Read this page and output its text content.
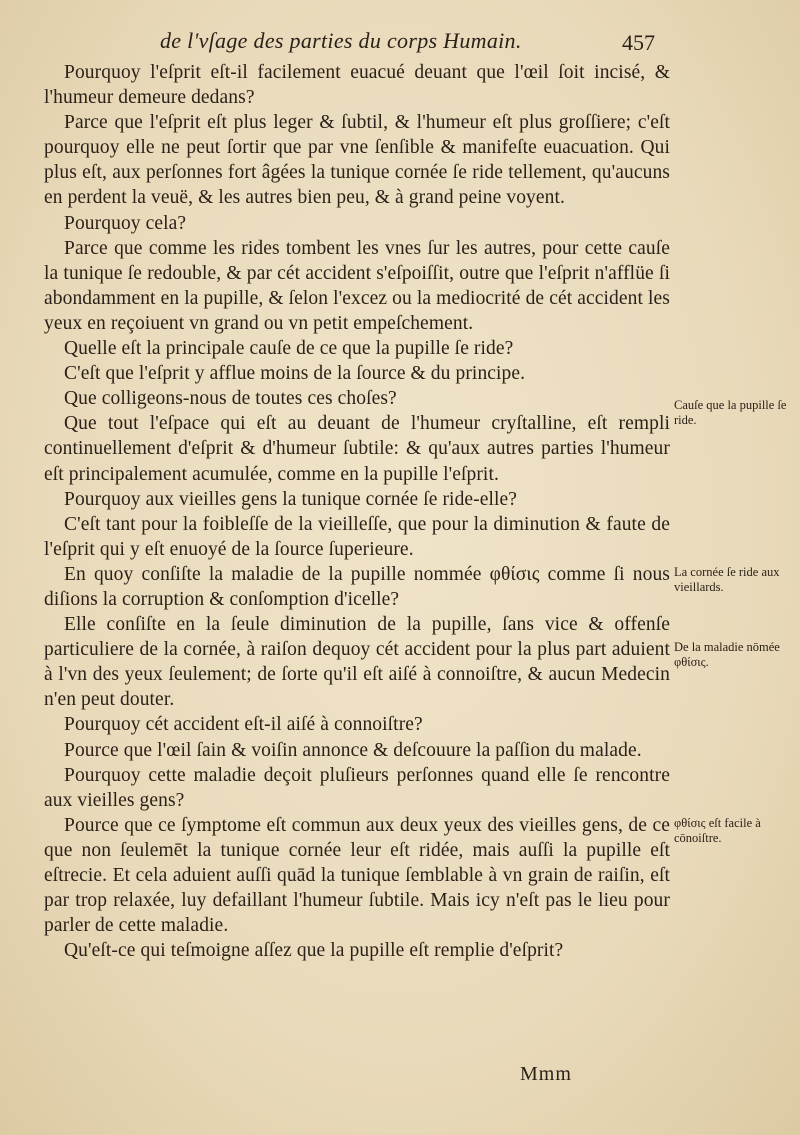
de l'vſage des parties du corps Humain.	457

Pourquoy l'eſprit eſt-il facilement euacué deuant que l'œil ſoit incisé, & l'humeur demeure dedans?

Parce que l'eſprit eſt plus leger & ſubtil, & l'humeur eſt plus groſſiere; c'eſt pourquoy elle ne peut ſortir que par vne ſenſible & manifeſte euacuation. Qui plus eſt, aux perſonnes fort âgées la tunique cornée ſe ride tellement, qu'aucuns en perdent la veuë, & les autres bien peu, & à grand peine voyent.

Pourquoy cela?

Parce que comme les rides tombent les vnes ſur les autres, pour cette cauſe la tunique ſe redouble, & par cét accident s'eſpoiſſit, outre que l'eſprit n'afflüe ſi abondamment en la pupille, & ſelon l'excez ou la mediocrité de cét accident les yeux en reçoiuent vn grand ou vn petit empeſchement.

Quelle eſt la principale cauſe de ce que la pupille ſe ride?

C'eſt que l'eſprit y afflue moins de la ſource & du principe.

Que colligeons-nous de toutes ces choſes?

Que tout l'eſpace qui eſt au deuant de l'humeur cryſtalline, eſt rempli continuellement d'eſprit & d'humeur ſubtile: & qu'aux autres parties l'humeur eſt principalement acumulée, comme en la pupille l'eſprit.

Pourquoy aux vieilles gens la tunique cornée ſe ride-elle?

C'eſt tant pour la foibleſſe de la vieilleſſe, que pour la diminution & faute de l'eſprit qui y eſt enuoyé de la ſource ſuperieure.

En quoy conſiſte la maladie de la pupille nommée φθίσις comme ſi nous diſions la corruption & conſomption d'icelle?

Elle conſiſte en la ſeule diminution de la pupille, ſans vice & offenſe particuliere de la cornée, à raiſon dequoy cét accident pour la plus part aduient à l'vn des yeux ſeulement; de ſorte qu'il eſt aiſé à connoiſtre, & aucun Medecin n'en peut douter.

Pourquoy cét accident eſt-il aiſé à connoiſtre?

Pource que l'œil ſain & voiſin annonce & deſcouure la paſſion du malade.

Pourquoy cette maladie deçoit pluſieurs perſonnes quand elle ſe rencontre aux vieilles gens?

Pource que ce ſymptome eſt commun aux deux yeux des vieilles gens, de ce que non ſeulemēt la tunique cornée leur eſt ridée, mais auſſi la pupille eſt eſtrecie. Et cela aduient auſſi quād la tunique ſemblable à vn grain de raiſin, eſt par trop relaxée, luy defaillant l'humeur ſubtile. Mais icy n'eſt pas le lieu pour parler de cette maladie.

Qu'eſt-ce qui teſmoigne aſſez que la pupille eſt remplie d'eſprit?

Cauſe que la pupille ſe ride.
La cornée ſe ride aux vieillards.
De la maladie nōmée φθίσις.
φθίσις eſt facile à cōnoiſtre.
Mmm
